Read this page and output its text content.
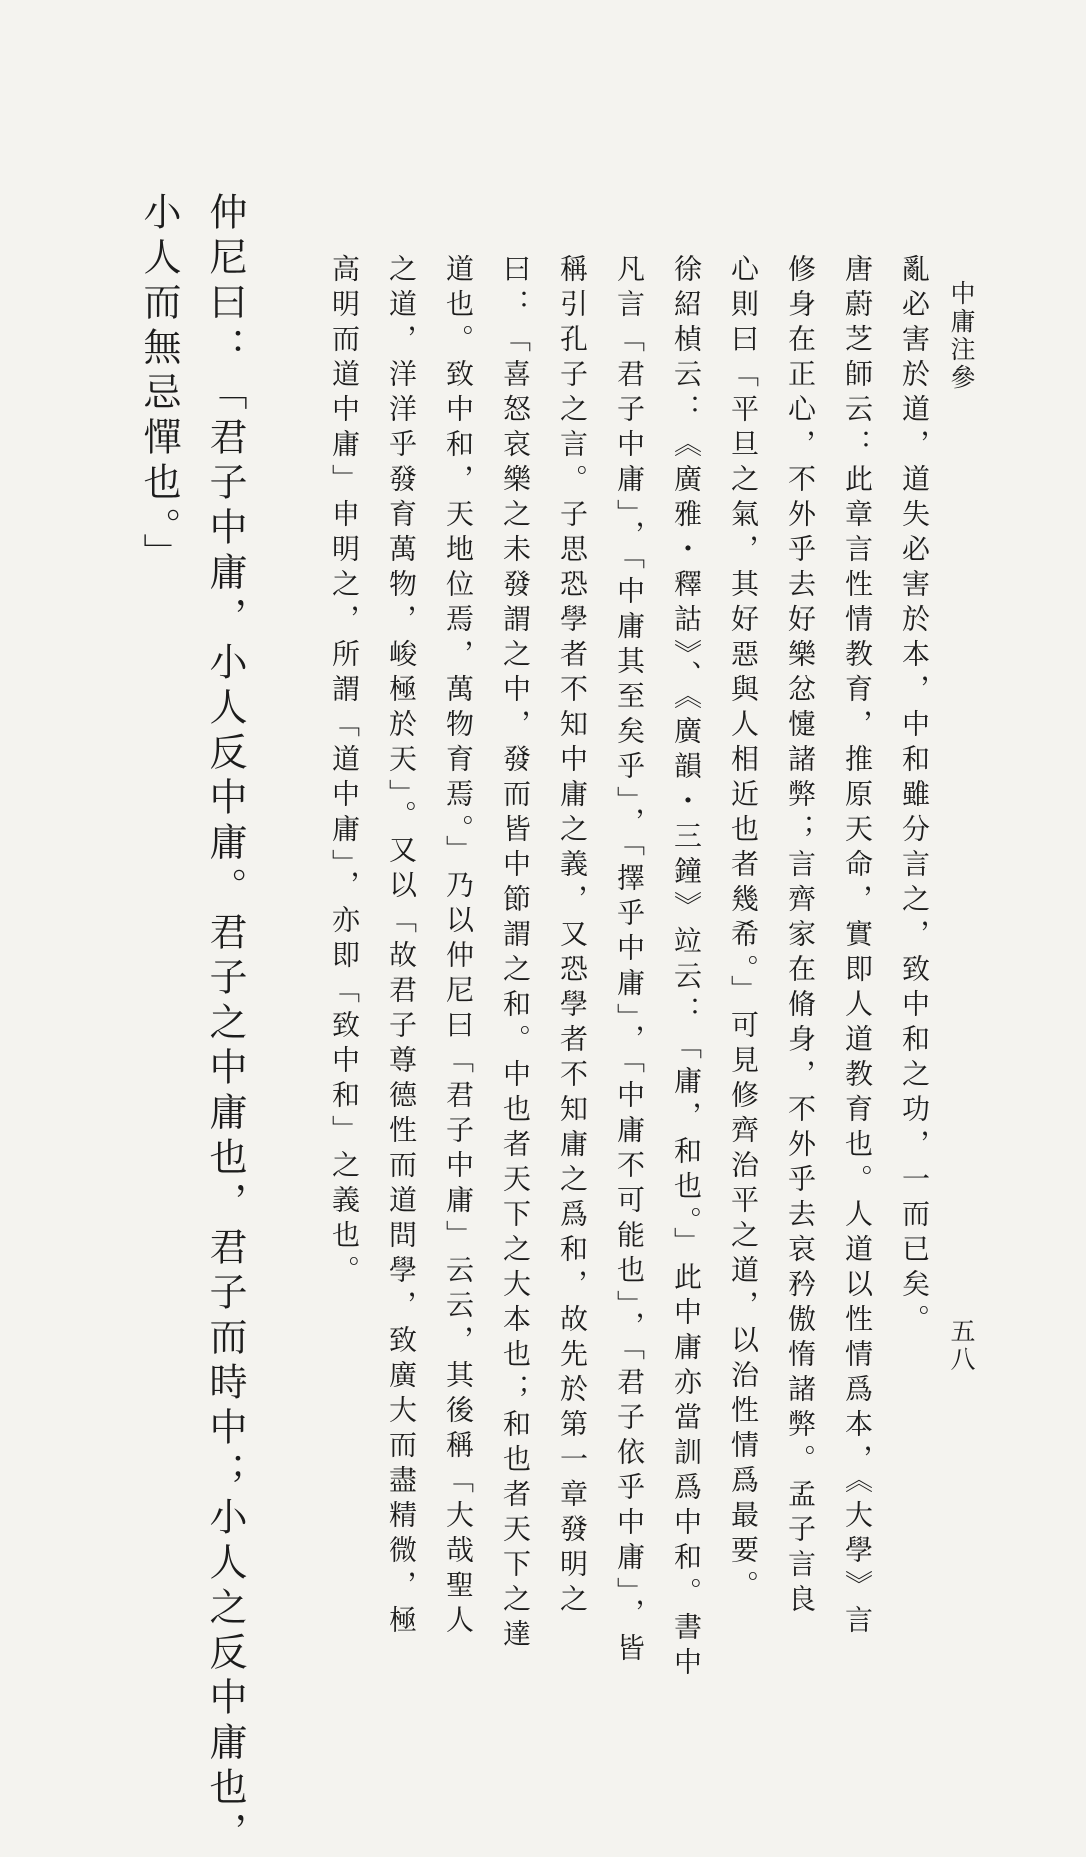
中庸注參
五八
亂必害於道，道失必害於本，中和雖分言之，致中和之功，一而已矣。
唐蔚芝師云：此章言性情教育，推原天命，實即人道教育也。人道以性情爲本，《大學》言
修身在正心，不外乎去好樂忿懥諸弊；言齊家在脩身，不外乎去哀矜傲惰諸弊。孟子言良
心則曰「平旦之氣，其好惡與人相近也者幾希。」可見修齊治平之道，以治性情爲最要。
徐紹楨云：《廣雅・釋詁》、《廣韻・三鐘》竝云：「庸，和也。」此中庸亦當訓爲中和。書中
凡言「君子中庸」，「中庸其至矣乎」，「擇乎中庸」，「中庸不可能也」，「君子依乎中庸」，皆
稱引孔子之言。子思恐學者不知中庸之義，又恐學者不知庸之爲和，故先於第一章發明之
曰：「喜怒哀樂之未發謂之中，發而皆中節謂之和。中也者天下之大本也；和也者天下之達
道也。致中和，天地位焉，萬物育焉。」乃以仲尼曰「君子中庸」云云，其後稱「大哉聖人
之道，洋洋乎發育萬物，峻極於天」。又以「故君子尊德性而道問學，致廣大而盡精微，極
高明而道中庸」申明之，所謂「道中庸」，亦即「致中和」之義也。
仲尼曰：「君子中庸，小人反中庸。君子之中庸也，君子而時中；小人之反中庸也，
小人而無忌憚也。」
